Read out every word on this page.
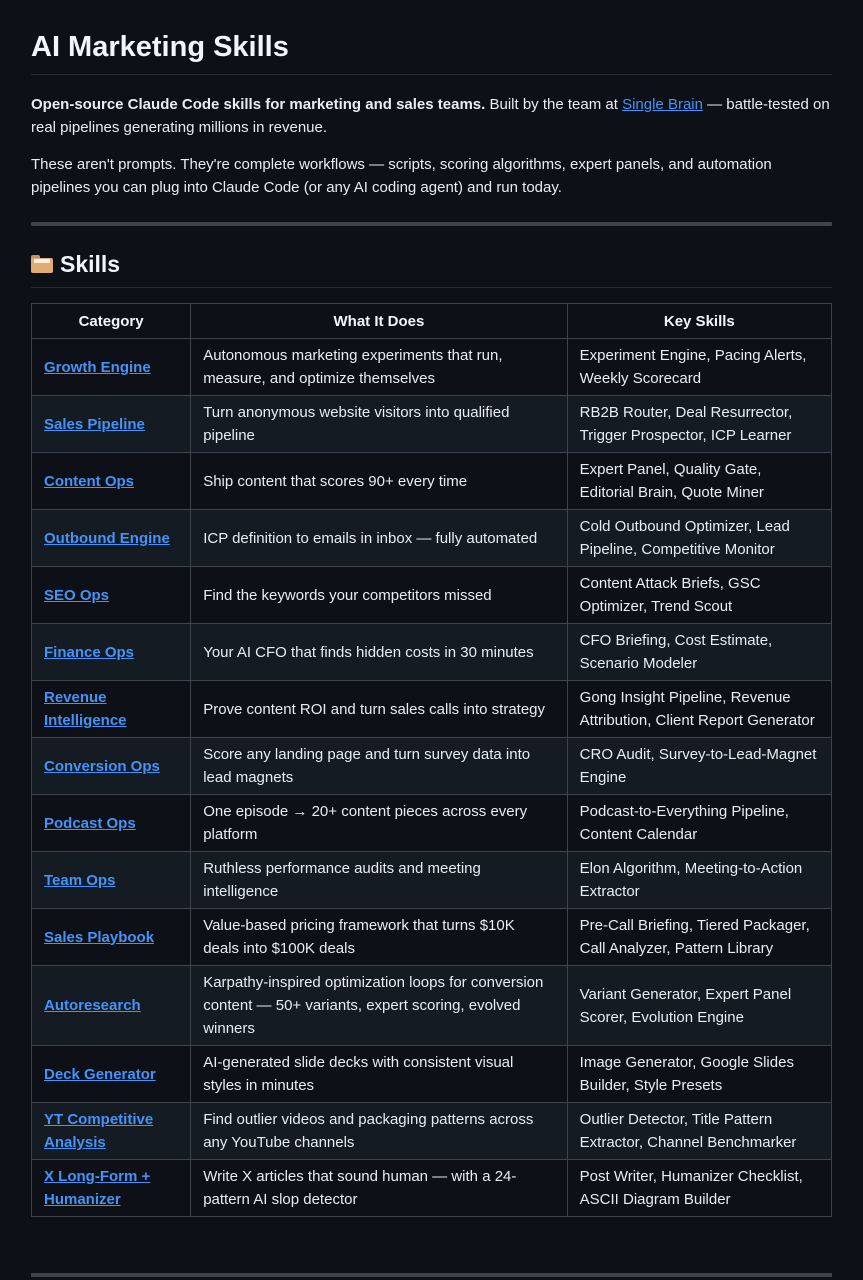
AI Marketing Skills

Open-source Claude Code skills for marketing and sales teams. Built by the team at Single Brain — battle-tested on real pipelines generating millions in revenue.

These aren't prompts. They're complete workflows — scripts, scoring algorithms, expert panels, and automation pipelines you can plug into Claude Code (or any AI coding agent) and run today.

Skills
Category	What It Does	Key Skills
Growth Engine	Autonomous marketing experiments that run, measure, and optimize themselves	Experiment Engine, Pacing Alerts, Weekly Scorecard
Sales Pipeline	Turn anonymous website visitors into qualified pipeline	RB2B Router, Deal Resurrector, Trigger Prospector, ICP Learner
Content Ops	Ship content that scores 90+ every time	Expert Panel, Quality Gate, Editorial Brain, Quote Miner
Outbound Engine	ICP definition to emails in inbox — fully automated	Cold Outbound Optimizer, Lead Pipeline, Competitive Monitor
SEO Ops	Find the keywords your competitors missed	Content Attack Briefs, GSC Optimizer, Trend Scout
Finance Ops	Your AI CFO that finds hidden costs in 30 minutes	CFO Briefing, Cost Estimate, Scenario Modeler
Revenue Intelligence	Prove content ROI and turn sales calls into strategy	Gong Insight Pipeline, Revenue Attribution, Client Report Generator
Conversion Ops	Score any landing page and turn survey data into lead magnets	CRO Audit, Survey-to-Lead-Magnet Engine
Podcast Ops	One episode → 20+ content pieces across every platform	Podcast-to-Everything Pipeline, Content Calendar
Team Ops	Ruthless performance audits and meeting intelligence	Elon Algorithm, Meeting-to-Action Extractor
Sales Playbook	Value-based pricing framework that turns $10K deals into $100K deals	Pre-Call Briefing, Tiered Packager, Call Analyzer, Pattern Library
Autoresearch	Karpathy-inspired optimization loops for conversion content — 50+ variants, expert scoring, evolved winners	Variant Generator, Expert Panel Scorer, Evolution Engine
Deck Generator	AI-generated slide decks with consistent visual styles in minutes	Image Generator, Google Slides Builder, Style Presets
YT Competitive Analysis	Find outlier videos and packaging patterns across any YouTube channels	Outlier Detector, Title Pattern Extractor, Channel Benchmarker
X Long-Form + Humanizer	Write X articles that sound human — with a 24-pattern AI slop detector	Post Writer, Humanizer Checklist, ASCII Diagram Builder
